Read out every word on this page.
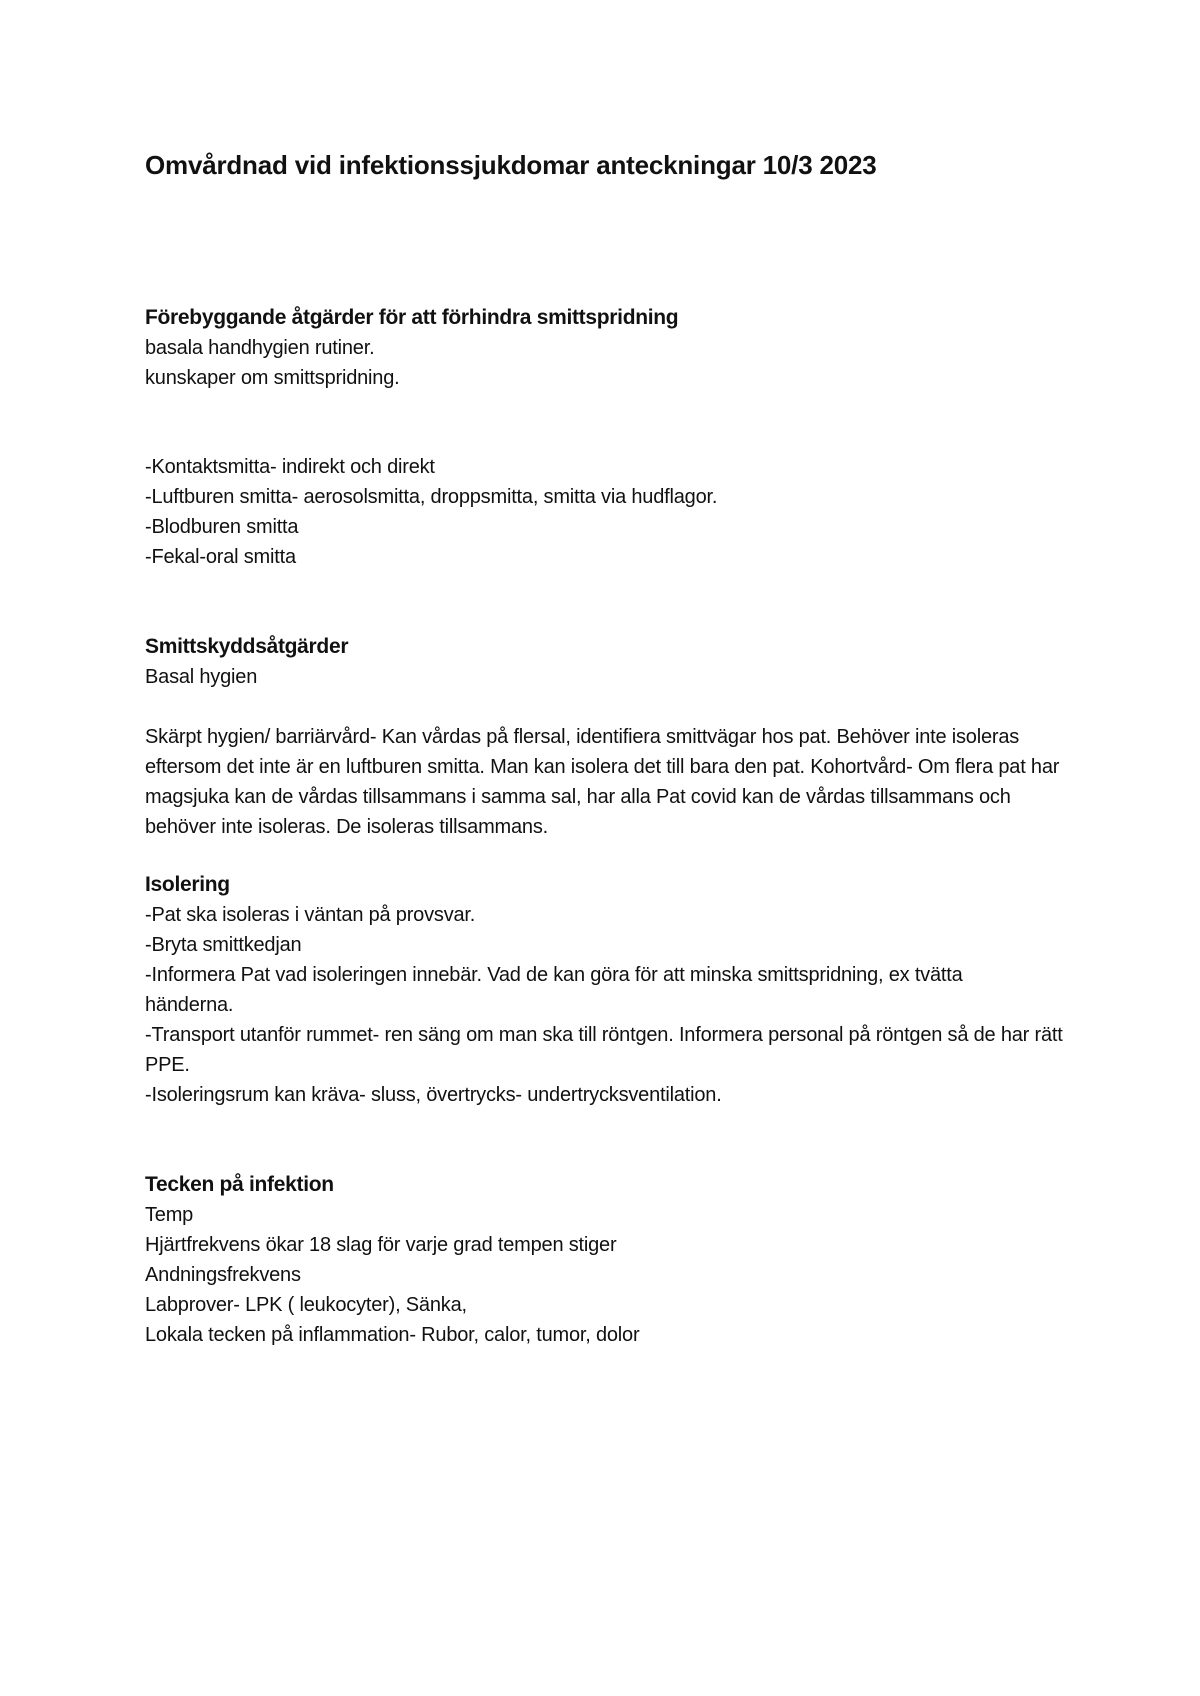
Omvårdnad vid infektionssjukdomar anteckningar 10/3 2023
Förebyggande åtgärder för att förhindra smittspridning

basala handhygien rutiner.

kunskaper om smittspridning.

-Kontaktsmitta- indirekt och direkt

-Luftburen smitta- aerosolsmitta, droppsmitta, smitta via hudflagor.

-Blodburen smitta

-Fekal-oral smitta

Smittskyddsåtgärder

Basal hygien

Skärpt hygien/ barriärvård- Kan vårdas på flersal, identifiera smittvägar hos pat. Behöver inte isoleras eftersom det inte är en luftburen smitta. Man kan isolera det till bara den pat. Kohortvård- Om flera pat har magsjuka kan de vårdas tillsammans i samma sal, har alla Pat covid kan de vårdas tillsammans och behöver inte isoleras. De isoleras tillsammans.

Isolering

-Pat ska isoleras i väntan på provsvar.

-Bryta smittkedjan

-Informera Pat vad isoleringen innebär. Vad de kan göra för att minska smittspridning, ex tvätta händerna.

-Transport utanför rummet- ren säng om man ska till röntgen. Informera personal på röntgen så de har rätt PPE.

-Isoleringsrum kan kräva- sluss, övertrycks- undertrycksventilation.

Tecken på infektion

Temp

Hjärtfrekvens ökar 18 slag för varje grad tempen stiger

Andningsfrekvens

Labprover- LPK ( leukocyter), Sänka,

Lokala tecken på inflammation- Rubor, calor, tumor, dolor
